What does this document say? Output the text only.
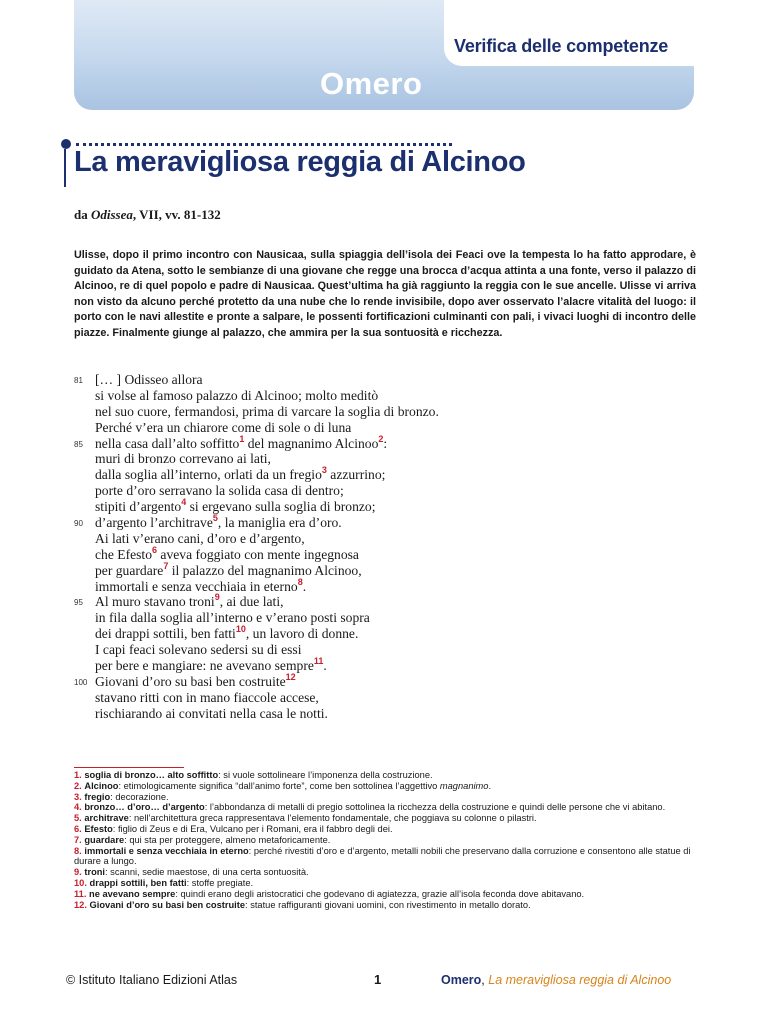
Verifica delle competenze
Omero
La meravigliosa reggia di Alcinoo
da Odissea, VII, vv. 81-132

Ulisse, dopo il primo incontro con Nausicaa, sulla spiaggia dell’isola dei Feaci ove la tempesta lo ha fatto approdare, è guidato da Atena, sotto le sembianze di una giovane che regge una brocca d’acqua attinta a una fonte, verso il palazzo di Alcinoo, re di quel popolo e padre di Nausicaa. Quest’ultima ha già raggiunto la reggia con le sue ancelle. Ulisse vi arriva non visto da alcuno perché protetto da una nube che lo rende invisibile, dopo aver osservato l’alacre vitalità del luogo: il porto con le navi allestite e pronte a salpare, le possenti fortificazioni culminanti con pali, i vivaci luoghi di incontro delle piazze. Finalmente giunge al palazzo, che ammira per la sua sontuosità e ricchezza.

81 [… ] Odisseo allora
si volse al famoso palazzo di Alcinoo; molto meditò
nel suo cuore, fermandosi, prima di varcare la soglia di bronzo.
Perché v’era un chiarore come di sole o di luna
85 nella casa dall’alto soffitto$^1$ del magnanimo Alcinoo$^2$:
muri di bronzo correvano ai lati,
dalla soglia all’interno, orlati da un fregio$^3$ azzurrino;
porte d’oro serravano la solida casa di dentro;
stipiti d’argento$^4$ si ergevano sulla soglia di bronzo;
90 d’argento l’architrave$^5$, la maniglia era d’oro.
Ai lati v’erano cani, d’oro e d’argento,
che Efesto$^6$ aveva foggiato con mente ingegnosa
per guardare$^7$ il palazzo del magnanimo Alcinoo,
immortali e senza vecchiaia in eterno$^8$.
95 Al muro stavano troni$^9$, ai due lati,
in fila dalla soglia all’interno e v’erano posti sopra
dei drappi sottili, ben fatti$^{10}$, un lavoro di donne.
I capi feaci solevano sedersi su di essi
per bere e mangiare: ne avevano sempre$^{11}$.
100 Giovani d’oro su basi ben costruite$^{12}$
stavano ritti con in mano fiaccole accese,
rischiarando ai convitati nella casa le notti.

1. soglia di bronzo… alto soffitto: si vuole sottolineare l’imponenza della costruzione.

2. Alcinoo: etimologicamente significa “dall’animo forte”, come ben sottolinea l’aggettivo magnanimo.

3. fregio: decorazione.

4. bronzo… d’oro… d’argento: l’abbondanza di metalli di pregio sottolinea la ricchezza della costruzione e quindi delle persone che vi abitano.

5. architrave: nell’architettura greca rappresentava l’elemento fondamentale, che poggiava su colonne o pilastri.

6. Efesto: figlio di Zeus e di Era, Vulcano per i Romani, era il fabbro degli dei.

7. guardare: qui sta per proteggere, almeno metaforicamente.

8. immortali e senza vecchiaia in eterno: perché rivestiti d’oro e d’argento, metalli nobili che preservano dalla corruzione e consentono alle statue di durare a lungo.

9. troni: scanni, sedie maestose, di una certa sontuosità.

10. drappi sottili, ben fatti: stoffe pregiate.

11. ne avevano sempre: quindi erano degli aristocratici che godevano di agiatezza, grazie all’isola feconda dove abitavano.

12. Giovani d’oro su basi ben costruite: statue raffiguranti giovani uomini, con rivestimento in metallo dorato.

© Istituto Italiano Edizioni Atlas	1	Omero, La meravigliosa reggia di Alcinoo
